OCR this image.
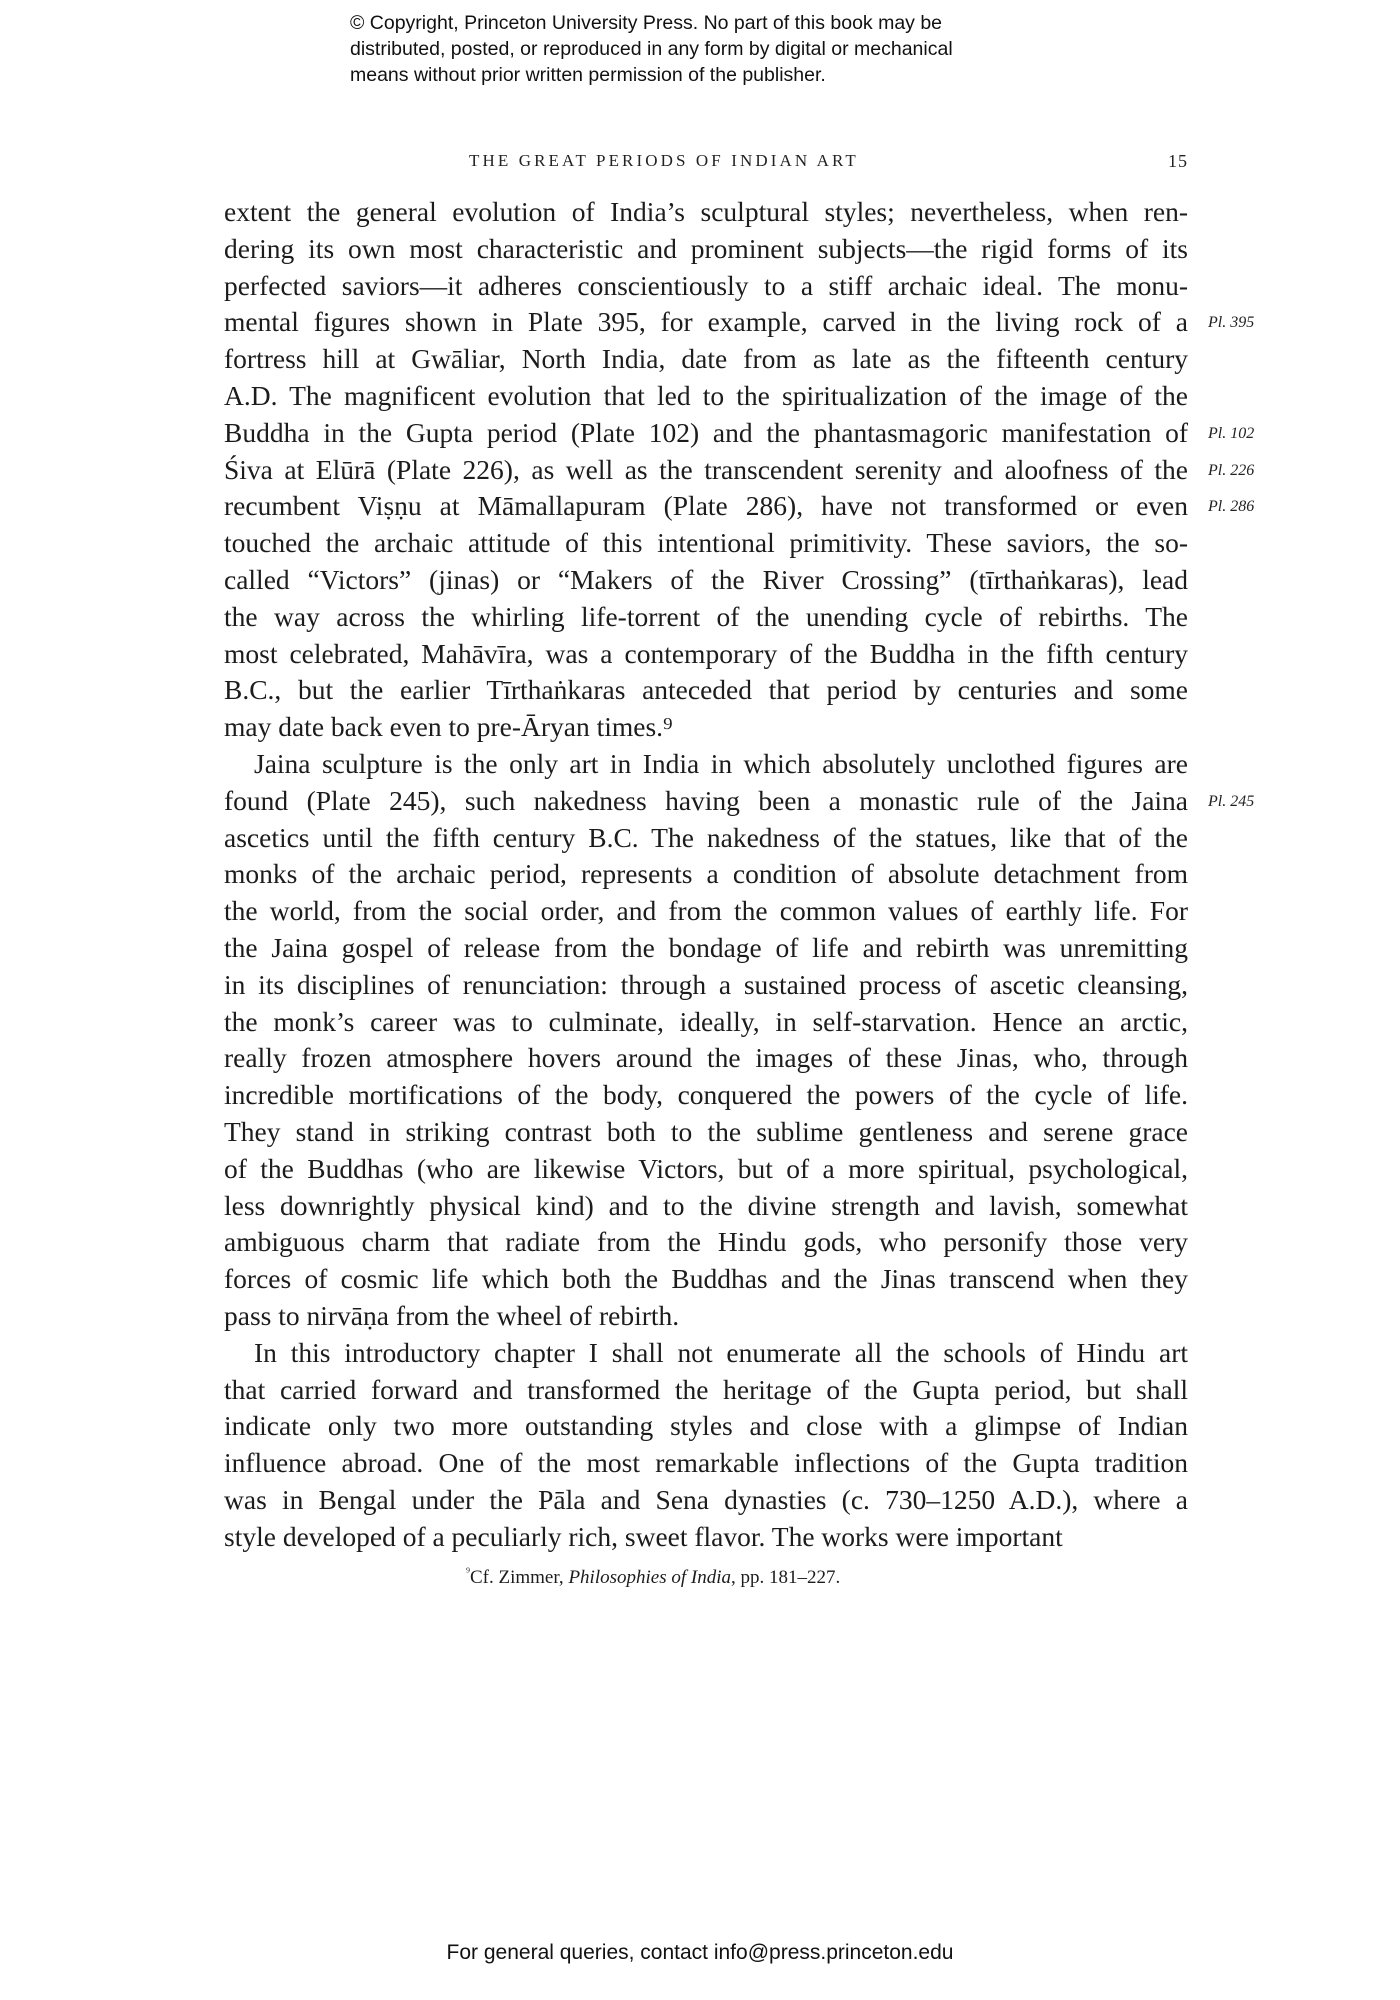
© Copyright, Princeton University Press. No part of this book may be
distributed, posted, or reproduced in any form by digital or mechanical
means without prior written permission of the publisher.
THE GREAT PERIODS OF INDIAN ART	15

extent the general evolution of India’s sculptural styles; nevertheless, when ren-
dering its own most characteristic and prominent subjects—the rigid forms of its
perfected saviors—it adheres conscientiously to a stiff archaic ideal. The monu-
mental figures shown in Plate 395, for example, carved in the living rock of a
fortress hill at Gwāliar, North India, date from as late as the fifteenth century
A.D. The magnificent evolution that led to the spiritualization of the image of the
Buddha in the Gupta period (Plate 102) and the phantasmagoric manifestation of
Śiva at Elūrā (Plate 226), as well as the transcendent serenity and aloofness of the
recumbent Viṣṇu at Māmallapuram (Plate 286), have not transformed or even
touched the archaic attitude of this intentional primitivity. These saviors, the so-
called “Victors” (jinas) or “Makers of the River Crossing” (tīrthaṅkaras), lead
the way across the whirling life-torrent of the unending cycle of rebirths. The
most celebrated, Mahāvīra, was a contemporary of the Buddha in the fifth century
B.C., but the earlier Tīrthaṅkaras anteceded that period by centuries and some
may date back even to pre-Āryan times.⁹

Jaina sculpture is the only art in India in which absolutely unclothed figures are
found (Plate 245), such nakedness having been a monastic rule of the Jaina
ascetics until the fifth century B.C. The nakedness of the statues, like that of the
monks of the archaic period, represents a condition of absolute detachment from
the world, from the social order, and from the common values of earthly life. For
the Jaina gospel of release from the bondage of life and rebirth was unremitting
in its disciplines of renunciation: through a sustained process of ascetic cleansing,
the monk’s career was to culminate, ideally, in self-starvation. Hence an arctic,
really frozen atmosphere hovers around the images of these Jinas, who, through
incredible mortifications of the body, conquered the powers of the cycle of life.
They stand in striking contrast both to the sublime gentleness and serene grace
of the Buddhas (who are likewise Victors, but of a more spiritual, psychological,
less downrightly physical kind) and to the divine strength and lavish, somewhat
ambiguous charm that radiate from the Hindu gods, who personify those very
forces of cosmic life which both the Buddhas and the Jinas transcend when they
pass to nirvāṇa from the wheel of rebirth.

In this introductory chapter I shall not enumerate all the schools of Hindu art
that carried forward and transformed the heritage of the Gupta period, but shall
indicate only two more outstanding styles and close with a glimpse of Indian
influence abroad. One of the most remarkable inflections of the Gupta tradition
was in Bengal under the Pāla and Sena dynasties (c. 730–1250 A.D.), where a
style developed of a peculiarly rich, sweet flavor. The works were important

Pl. 395
Pl. 102
Pl. 226
Pl. 286
Pl. 245
$^{^9}$Cf. Zimmer, Philosophies of India, pp. 181–227.
For general queries, contact info@press.princeton.edu
